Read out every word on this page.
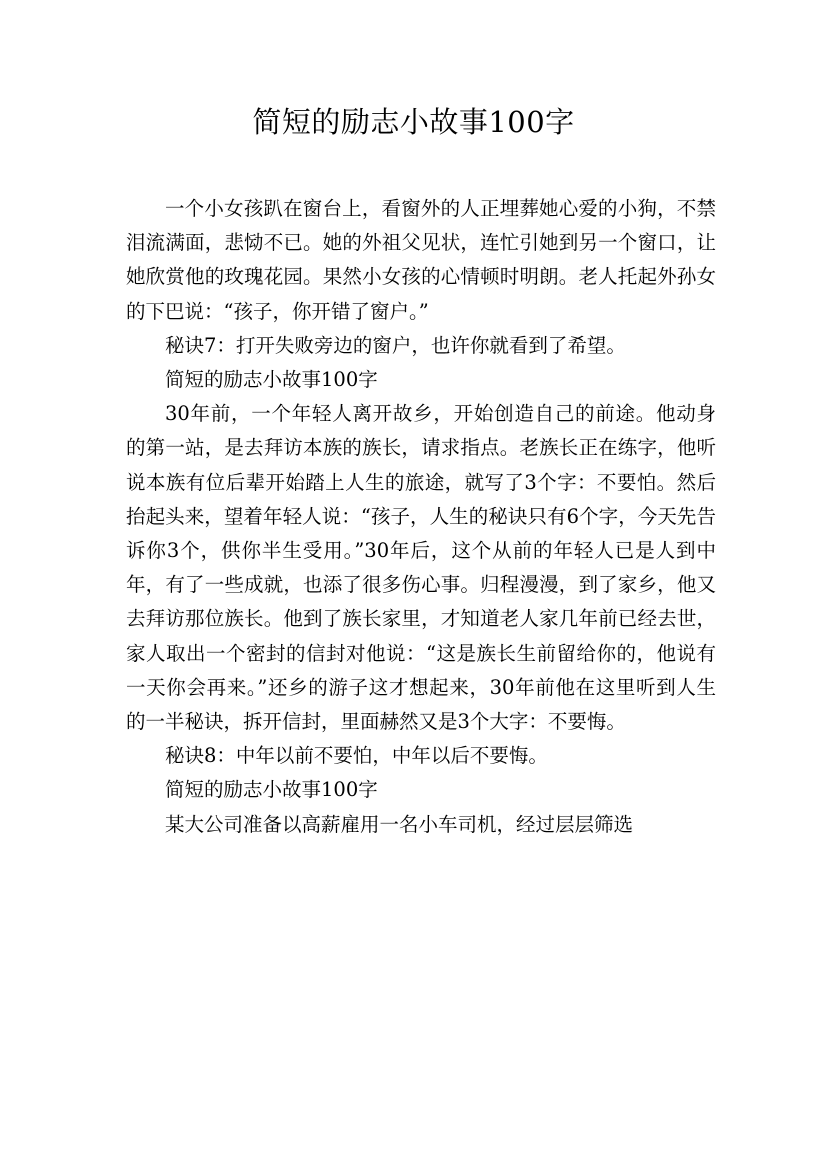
简短的励志小故事100字

一个小女孩趴在窗台上，看窗外的人正埋葬她心爱的小狗，不禁泪流满面，悲恸不已。她的外祖父见状，连忙引她到另一个窗口，让她欣赏他的玫瑰花园。果然小女孩的心情顿时明朗。老人托起外孙女的下巴说：“孩子，你开错了窗户。”

秘诀7：打开失败旁边的窗户，也许你就看到了希望。

简短的励志小故事100字

30年前，一个年轻人离开故乡，开始创造自己的前途。他动身的第一站，是去拜访本族的族长，请求指点。老族长正在练字，他听说本族有位后辈开始踏上人生的旅途，就写了3个字：不要怕。然后抬起头来，望着年轻人说：“孩子，人生的秘诀只有6个字，今天先告诉你3个，供你半生受用。”30年后，这个从前的年轻人已是人到中年，有了一些成就，也添了很多伤心事。归程漫漫，到了家乡，他又去拜访那位族长。他到了族长家里，才知道老人家几年前已经去世，家人取出一个密封的信封对他说：“这是族长生前留给你的，他说有一天你会再来。”还乡的游子这才想起来，30年前他在这里听到人生的一半秘诀，拆开信封，里面赫然又是3个大字：不要悔。

秘诀8：中年以前不要怕，中年以后不要悔。

简短的励志小故事100字

某大公司准备以高薪雇用一名小车司机，经过层层筛选
